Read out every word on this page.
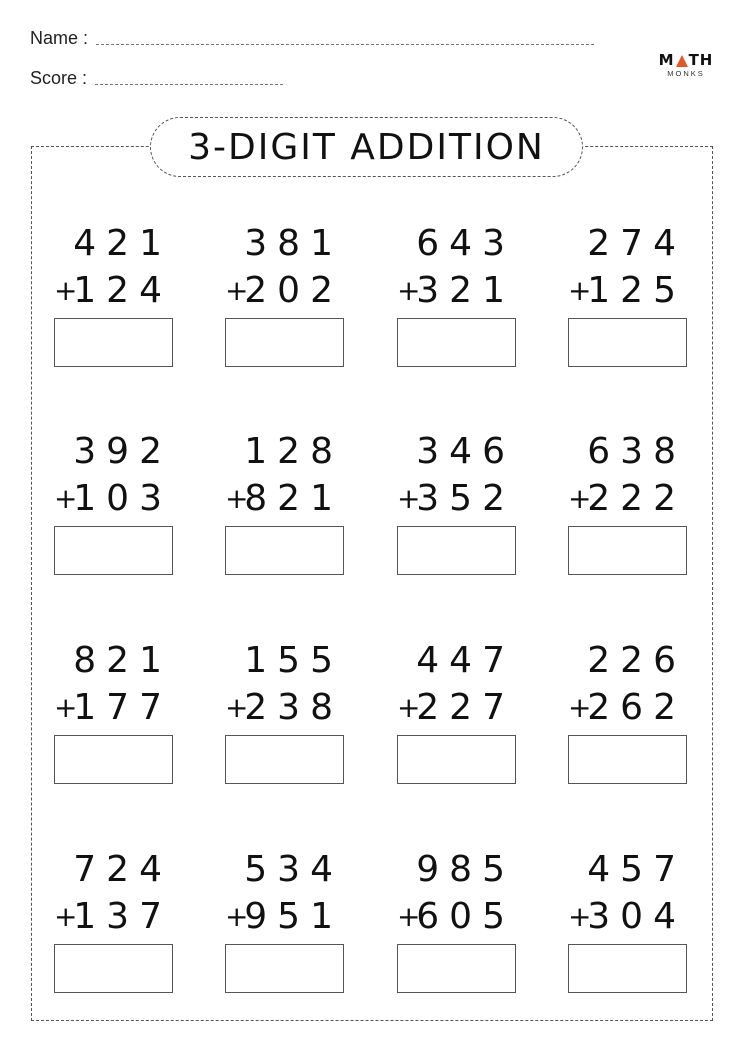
Name :
Score :
M TH
MONKS
3-DIGIT ADDITION
421
+
124
381
+
202
643
+
321
274
+
125
392
+
103
128
+
821
346
+
352
638
+
222
821
+
177
155
+
238
447
+
227
226
+
262
724
+
137
534
+
951
985
+
605
457
+
304
